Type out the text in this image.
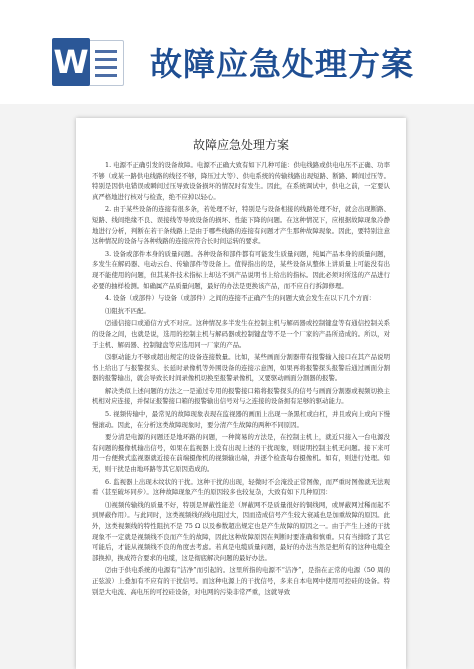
W 故障应急处理方案
故障应急处理方案

1. 电源不正确引发的设备故障。电源不正确大致有如下几种可能：供电线路或供电电压不正确、功率不够（或某一路供电线路的线径不够，降压过大等）、供电系统的传输线路出现短路、断路、瞬间过压等。特别是因供电错误或瞬间过压导致设备损坏的情况时有发生。因此，在系统调试中，供电之前，一定要认真严格地进行核对与检查，绝不应掉以轻心。

2. 由于某些设备的连接有很多条，若处理不好，特别是与设备相接的线路处理不好，就会出现断路、短路、线间绝缘不良、误接线等导致设备的损坏、性能下降的问题。在这种情况下，应根据故障现象冷静地进行分析，判断在若干条线路上是由于哪些线路的连接有问题才产生那种故障现象。因此，要特别注意这种情况的设备与各种线路的连接应符合长时间运转的要求。

3. 设备或部件本身的质量问题。各种设备和部件都有可能发生质量问题，纯属产品本身的质量问题，多发生在解码器、电动云台、传输部件等设备上。值得指出的是，某些设备从整体上讲质量上可能没有出现不能使用的问题，但其某件技术指标上却达不到产品说明书上给出的指标。因此必须对所选的产品进行必要的抽样检测。如确属产品质量问题，最好的办法是更换该产品，而不应自行拆卸修理。

4. 设备（或部件）与设备（或部件）之间的连接不正确产生的问题大致会发生在以下几个方面：

⑴阻抗不匹配。

⑵通信接口或通信方式不对应。这种情况多半发生在控制主机与解码器或控制键盘等有通信控制关系的设备之间，也就是说，选用的控制主机与解码器或控制键盘等不是一个厂家的产品所造成的。所以，对于主机、解码器、控制键盘等应选用同一厂家的产品。

⑶驱动能力不够或超出规定的设备连接数量。比如，某些画面分割器带有报警输入接口在其产品说明书上给出了与报警探头、长延时录像机等外围设备的连接示意图，如果再将报警探头报警后通过画面分割器的报警输出，就会导致长时间录像机切换至报警录像机，又要驱动画面分割器的报警。

解决类似上述问题的方法之一是通过专用的报警接口箱将报警探头的信号与画面分割器或视频切换主机相对应连接，并保证报警接口箱的报警输出信号对与之连接的设备拥有足够的驱动能力。

5. 视频传输中，最常见的故障现象表现在监视器的画面上出现一条黑杠或白杠，并且或向上或向下慢慢滚动。因此，在分析这类故障现象时，要分清产生故障的两种不同原因。

要分清是电源的问题还是地环路的问题，一种简易的方法是，在控制主机上，就近只接入一台电源没有问题的摄像机输出信号，如果在监视器上没有出现上述的干扰现象，则说明控制主机无问题。接下来可用一台便携式监视器就近接在前端摄像机的视频输出端，并逐个检查每台摄像机。如有，则进行处理。如无，则干扰是由地环路等其它原因造成的。

6. 监视器上出现木纹状的干扰。这种干扰的出现，轻微时不会淹没正常图像，而严重时图像就无法观看（甚至破坏同步）。这种故障现象产生的原因较多也较复杂，大致有如下几种原因：

⑴视频传输线的质量不好，特别是屏蔽性能差（屏蔽网不是质量很好的铜线网，或屏蔽网过稀而起不到屏蔽作用）。与此同时，这类视频线的线电阻过大，因而造成信号产生较大衰减也是加重故障的原因。此外，这类视频线的特性阻抗不是 75 Ω 以及参数超出规定也是产生故障的原因之一。由于产生上述的干扰现象不一定就是视频线不良而产生的故障，因此这种故障原因在判断时要准确和慎重。只有当排除了其它可能后，才能从视频线不良的角度去考虑。若真是电缆质量问题，最好的办法当然是把所有的这种电缆全部换掉，换成符合要求的电缆，这是彻底解决问题的最好办法。

⑵由于供电系统的电源有“洁净”而引起的。这里所指的电源不“洁净”，是指在正常的电源（50 周的正弦波）上叠加有不应有的干扰信号。而这种电源上的干扰信号，多来自本电网中使用可控硅的设备。特别是大电流、高电压的可控硅设备，对电网的污染非常严重，这就导致
